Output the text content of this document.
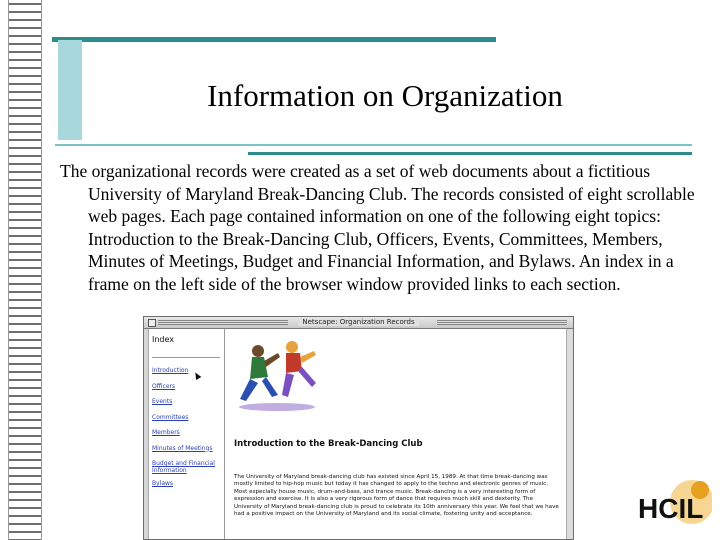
Information on Organization

The organizational records were created as a set of web documents about a fictitious University of Maryland Break-Dancing Club. The records consisted of eight scrollable web pages. Each page contained information on one of the following eight topics: Introduction to the Break-Dancing Club, Officers, Events, Committees, Members, Minutes of Meetings, Budget and Financial Information, and Bylaws. An index in a frame on the left side of the browser window provided links to each section.

Netscape: Organization Records
Index
Introduction
Officers
Events
Committees
Members
Minutes of Meetings
Budget and Financial Information
Bylaws
Introduction to the Break-Dancing Club
The University of Maryland break-dancing club has existed since April 15, 1989. At that time break-dancing was mostly limited to hip-hop music but today it has changed to apply to the techno and electronic genres of music. Most especially house music, drum-and-bass, and trance music. Break-dancing is a very interesting form of expression and exercise. It is also a very rigorous form of dance that requires much skill and dexterity. The University of Maryland break-dancing club is proud to celebrate its 10th anniversary this year. We feel that we have had a positive impact on the University of Maryland and its social climate, fostering unity and acceptance.	HCIL
